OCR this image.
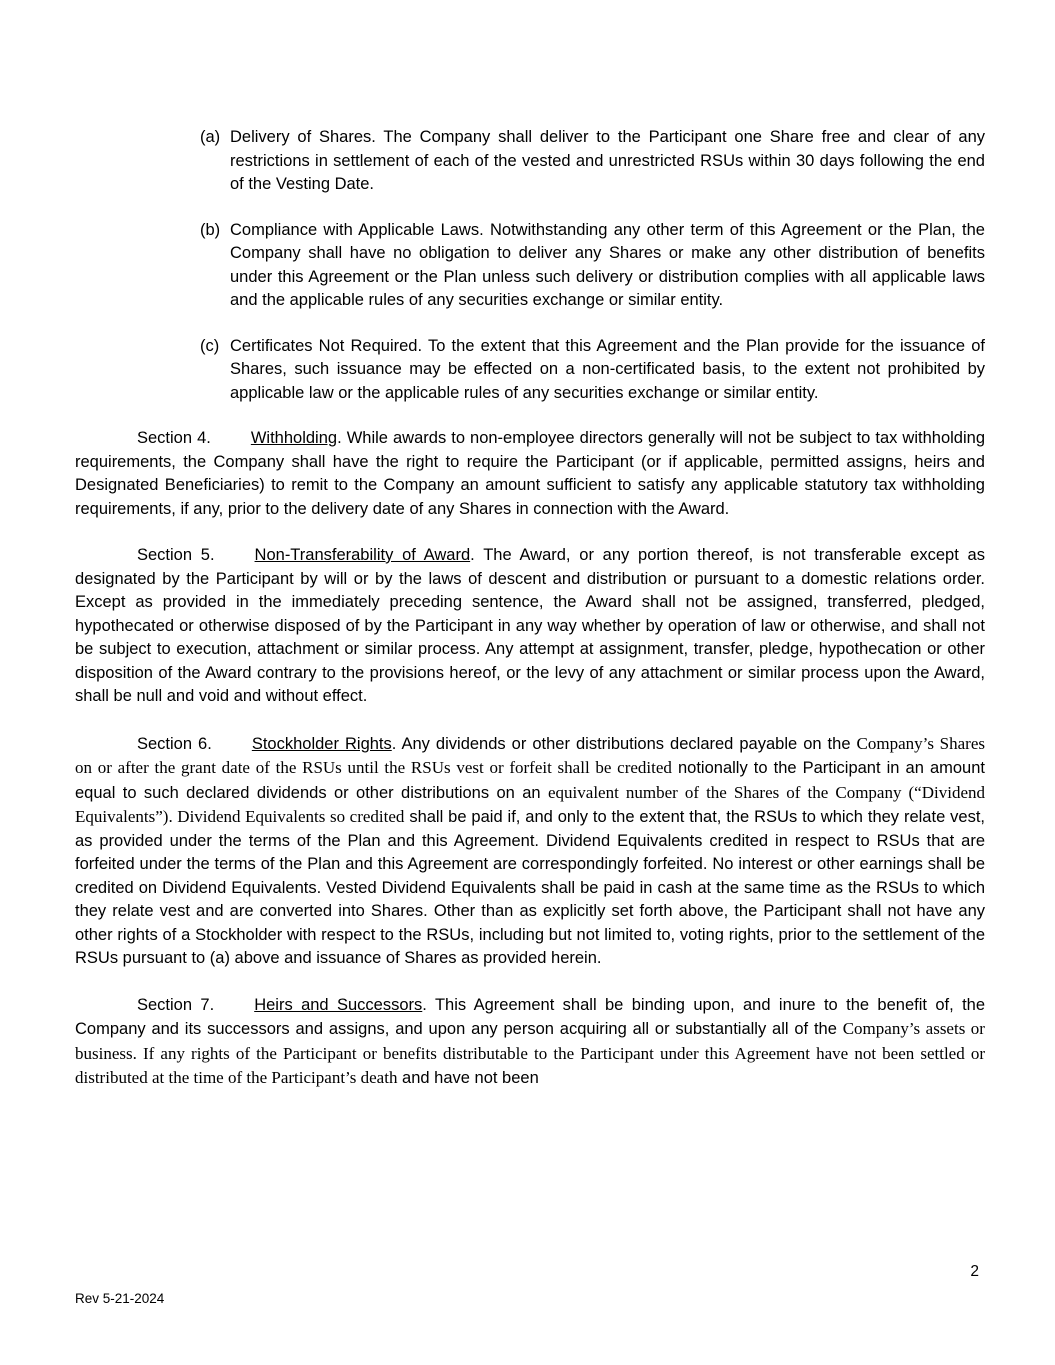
(a) Delivery of Shares. The Company shall deliver to the Participant one Share free and clear of any restrictions in settlement of each of the vested and unrestricted RSUs within 30 days following the end of the Vesting Date.
(b) Compliance with Applicable Laws. Notwithstanding any other term of this Agreement or the Plan, the Company shall have no obligation to deliver any Shares or make any other distribution of benefits under this Agreement or the Plan unless such delivery or distribution complies with all applicable laws and the applicable rules of any securities exchange or similar entity.
(c) Certificates Not Required. To the extent that this Agreement and the Plan provide for the issuance of Shares, such issuance may be effected on a non-certificated basis, to the extent not prohibited by applicable law or the applicable rules of any securities exchange or similar entity.

Section 4. Withholding. While awards to non-employee directors generally will not be subject to tax withholding requirements, the Company shall have the right to require the Participant (or if applicable, permitted assigns, heirs and Designated Beneficiaries) to remit to the Company an amount sufficient to satisfy any applicable statutory tax withholding requirements, if any, prior to the delivery date of any Shares in connection with the Award.

Section 5. Non-Transferability of Award. The Award, or any portion thereof, is not transferable except as designated by the Participant by will or by the laws of descent and distribution or pursuant to a domestic relations order. Except as provided in the immediately preceding sentence, the Award shall not be assigned, transferred, pledged, hypothecated or otherwise disposed of by the Participant in any way whether by operation of law or otherwise, and shall not be subject to execution, attachment or similar process. Any attempt at assignment, transfer, pledge, hypothecation or other disposition of the Award contrary to the provisions hereof, or the levy of any attachment or similar process upon the Award, shall be null and void and without effect.

Section 6. Stockholder Rights. Any dividends or other distributions declared payable on the Company’s Shares on or after the grant date of the RSUs until the RSUs vest or forfeit shall be credited notionally to the Participant in an amount equal to such declared dividends or other distributions on an equivalent number of the Shares of the Company (“Dividend Equivalents”). Dividend Equivalents so credited shall be paid if, and only to the extent that, the RSUs to which they relate vest, as provided under the terms of the Plan and this Agreement. Dividend Equivalents credited in respect to RSUs that are forfeited under the terms of the Plan and this Agreement are correspondingly forfeited. No interest or other earnings shall be credited on Dividend Equivalents. Vested Dividend Equivalents shall be paid in cash at the same time as the RSUs to which they relate vest and are converted into Shares. Other than as explicitly set forth above, the Participant shall not have any other rights of a Stockholder with respect to the RSUs, including but not limited to, voting rights, prior to the settlement of the RSUs pursuant to (a) above and issuance of Shares as provided herein.

Section 7. Heirs and Successors. This Agreement shall be binding upon, and inure to the benefit of, the Company and its successors and assigns, and upon any person acquiring all or substantially all of the Company’s assets or business. If any rights of the Participant or benefits distributable to the Participant under this Agreement have not been settled or distributed at the time of the Participant’s death and have not been

2
Rev 5-21-2024
